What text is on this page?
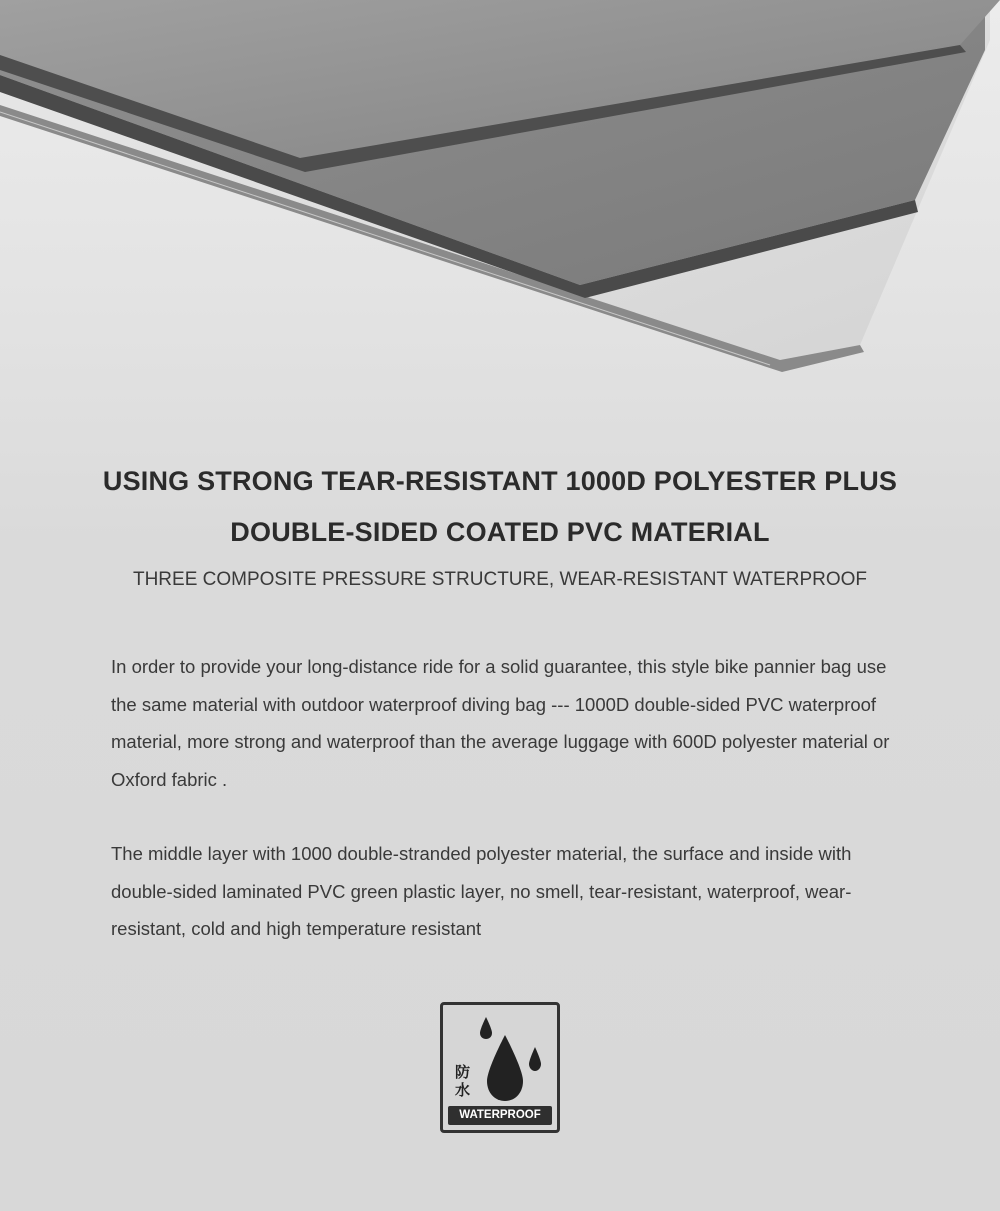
USING STRONG TEAR-RESISTANT 1000D POLYESTER PLUS
DOUBLE-SIDED COATED PVC MATERIAL
THREE COMPOSITE PRESSURE STRUCTURE, WEAR-RESISTANT WATERPROOF
In order to provide your long-distance ride for a solid guarantee, this style bike pannier bag use the same material with outdoor waterproof diving bag --- 1000D double-sided PVC waterproof material, more strong and waterproof than the average luggage with 600D polyester material or Oxford fabric .
The middle layer with 1000 double-stranded polyester material, the surface and inside with double-sided laminated PVC green plastic layer, no smell, tear-resistant, waterproof, wear-resistant, cold and high temperature resistant
防水
WATERPROOF
